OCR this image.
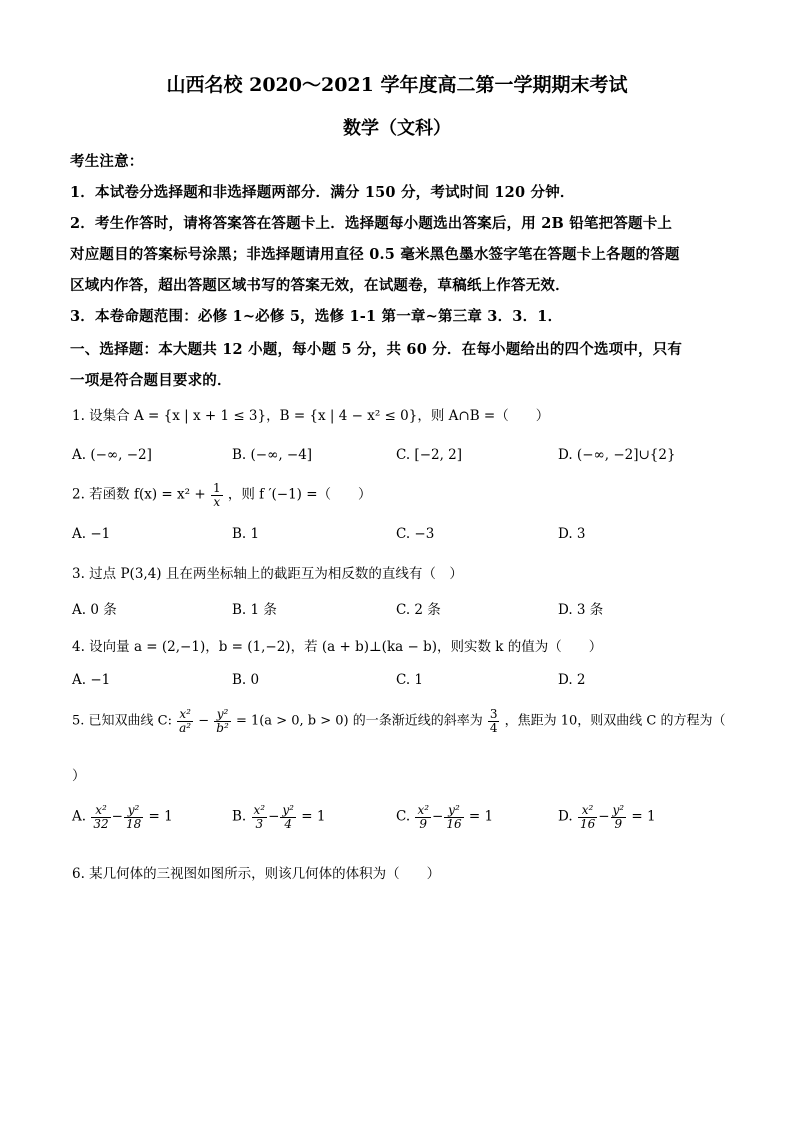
山西名校 2020～2021 学年度高二第一学期期末考试
数学（文科）
考生注意：
1．本试卷分选择题和非选择题两部分．满分 150 分，考试时间 120 分钟．
2．考生作答时，请将答案答在答题卡上．选择题每小题选出答案后，用 2B 铅笔把答题卡上
对应题目的答案标号涂黑；非选择题请用直径 0.5 毫米黑色墨水签字笔在答题卡上各题的答题
区域内作答，超出答题区域书写的答案无效，在试题卷，草稿纸上作答无效．
3．本卷命题范围：必修 1~必修 5，选修 1-1 第一章~第三章 3．3．1．
一、选择题：本大题共 12 小题，每小题 5 分，共 60 分．在每小题给出的四个选项中，只有
一项是符合题目要求的．
1. 设集合 A = {x | x + 1 ≤ 3}，B = {x | 4 − x² ≤ 0}，则 A∩B =（　　）
A. (−∞, −2]	B. (−∞, −4]	C. [−2, 2]	D. (−∞, −2]∪{2}
2. 若函数 $f(x) = x^2 + \frac{1}{x}$ ，则 f ′(−1) =（　　）
A. −1	B. 1	C. −3	D. 3
3. 过点 P(3,4) 且在两坐标轴上的截距互为相反数的直线有（　）
A. 0 条	B. 1 条	C. 2 条	D. 3 条
4. 设向量 a = (2,−1)，b = (1,−2)，若 (a + b)⊥(ka − b)，则实数 k 的值为（　　）
A. −1	B. 0	C. 1	D. 2
5. 已知双曲线 C: $\frac{\text{x²}}{\text{a²}} - \frac{\text{y²}}{\text{b²}} = 1(a > 0$, b > 0) 的一条渐近线的斜率为 $\frac{3}{4}$ ，焦距为 10，则双曲线 C 的方程为（
）
A. $\frac{\text{x²}}{32} - \frac{\text{y²}}{18} = 1$	B. $\frac{\text{x²}}{3} - \frac{\text{y²}}{4} = 1$	C. $\frac{\text{x²}}{9} - \frac{\text{y²}}{16} = 1$	D. $\frac{\text{x²}}{16} - \frac{\text{y²}}{9} = 1$
6. 某几何体的三视图如图所示，则该几何体的体积为（　　）
